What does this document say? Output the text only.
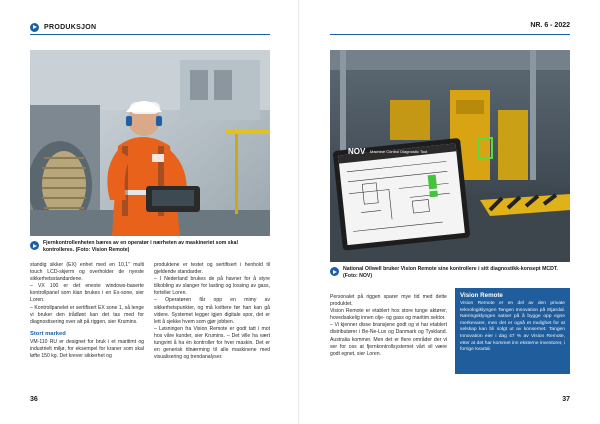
PRODUKSJON
Fjernkontrollenheten bæres av en operatør i nærheten av maskineriet som skal kontrolleres. (Foto: Vision Remote)

standig sikker (EX) enhet med en 10,1" multi touch LCD-skjerm og overholder de nyeste sikkerhetsstandardene.

– VX 100 er det eneste windows-baserte kontrollpanel som klan brukes i en Ex-sone, sier Loren.

– Kontrollpanelet er sertifisert EX sone 1, så lenge vi bruker den trådløst kan det tas med for diagnostisering over alt på riggen, sier Krumins.

Stort marked

VM-110 RU er designet for bruk i et maritimt og industrielt miljø, for eksempel for kraner som skal løfte 150 kg. Det krever sikkerhet og

produktene er testet og sertifisert i henhold til gjeldende standarder.

– I Nederland brukes de på havner for å styre tilkobling av slanger for lasting og lossing av gass, forteller Loren.

– Operatøren får opp en mimy av sikkerhetspunkter, og må kvittere før han kan gå videre. Systemet legger igjen digitale spor, det er lett å sjekke hvem som gjør jobben.

– Løsningen fra Vision Remote er godt tatt i mot hos våre kunder, sier Krumins. – Det ville ha vært tungvint å ha én kontroller for hver maskin. Det er en generisk tilnærming til alle maskinene med visualisering og trendanalyser.

36
NR. 6 - 2022
NOV Machine Control Diagnostic Tool
National Oilwell bruker Vision Remote sine kontrollere i sitt diagnostikk-konsept MCDT. (Foto: NOV)

Personalet på riggen sparer mye tid med dette produktet.

Vision Remote er etablert hos store tunge aktører, hovedsakelig innen olje- og gass og maritim sektor.

– Vi kjenner disse bransjene godt og vi har etablert distributører i Be-Ne-Lux og Danmark og Tyskland. Australia kommer. Men det er flere områder der vi ser for oss at fjernkontrollsystemet vårt vil være godt egnet, sier Loren.

Vision Remote
Vision Remote er en del av den private teknologiklyngen Tangen Innovation på Stjørdal. Næringsklyngen satser på å bygge opp egne merkevarer, men det er også et mulighet for at selskap kan bli solgt ut av konsernet. Tangen Innovation eier i dag 47 % av Vision Remote, etter at det har kommet inn eksterne investorer, i forrige kvartal.
37
